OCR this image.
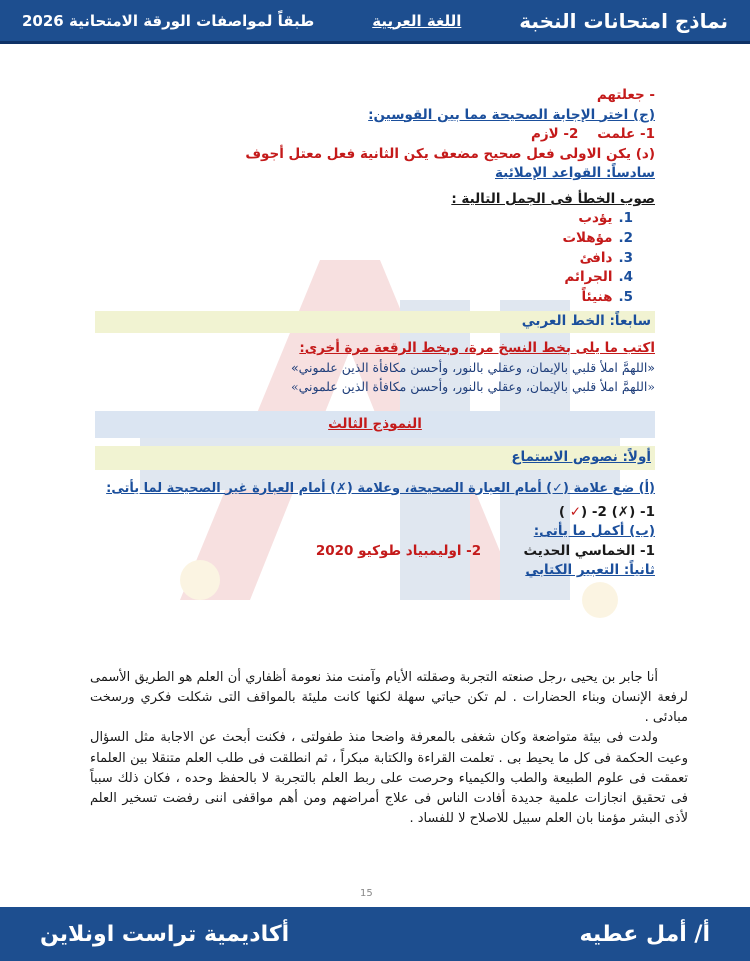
طبقاً لمواصفات الورقة الامتحانية 2026	اللغة العربية	نماذج امتحانات النخبة

- جعلتهم

(ج) اختر الإجابة الصحيحة مما بين القوسين:

1- علمت    2- لازم

(د) يكن الاولى فعل صحيح مضعف يكن الثانية فعل معتل أجوف

سادساً: القواعد الإملائية

صوب الخطأ فى الجمل التالية :

1.يؤدب
2.مؤهلات
3.دافئ
4.الجرائم
5.هنيئاً
سابعاً: الخط العربي

اكتب ما يلى بخط النسخ مرة، وبخط الرقعة مرة أخرى:

«اللهمَّ املأ قلبي بالإيمان، وعقلي بالنور، وأحسن مكافأة الذين علموني»

«اللهمَّ املأ قلبي بالإيمان، وعقلي بالنور، وأحسن مكافأة الذين علموني»

النموذج الثالث
أولاً: نصوص الاستماع

(أ) ضع علامة (✓) أمام العبارة الصحيحة، وعلامة (✗) أمام العبارة غير الصحيحة لما يأتى:

1- (✗) 2- (✓ )

(ب) أكمل ما يأتى:

1- الخماسي الحديث         2- اوليمبياد طوكيو 2020

ثانياً: التعبير الكتابي

أنا جابر بن يحيى ،رجل صنعته التجربة وصقلته الأيام وآمنت منذ نعومة أظفاري أن العلم هو الطريق الأسمى لرفعة الإنسان وبناء الحضارات . لم تكن حياتي سهلة لكنها كانت مليئة بالمواقف التى شكلت فكري ورسخت مبادئى .

ولدت فى بيئة متواضعة وكان شغفى بالمعرفة واضحا منذ طفولتى ، فكنت أبحث عن الاجابة مثل السؤال وعيت الحكمة فى كل ما يحيط بى . تعلمت القراءة والكتابة مبكراً ، ثم انطلقت فى طلب العلم متنقلا بين العلماء تعمقت فى علوم الطبيعة والطب والكيمياء وحرصت على ربط العلم بالتجربة لا بالحفظ وحده ، فكان ذلك سبباً فى تحقيق انجازات علمية جديدة أفادت الناس فى علاج أمراضهم ومن أهم مواقفى اننى رفضت تسخير العلم لأذى البشر مؤمنا بان العلم سبيل للاصلاح لا للفساد .

15
أكاديمية تراست اونلاين	أ/ أمل عطيه
